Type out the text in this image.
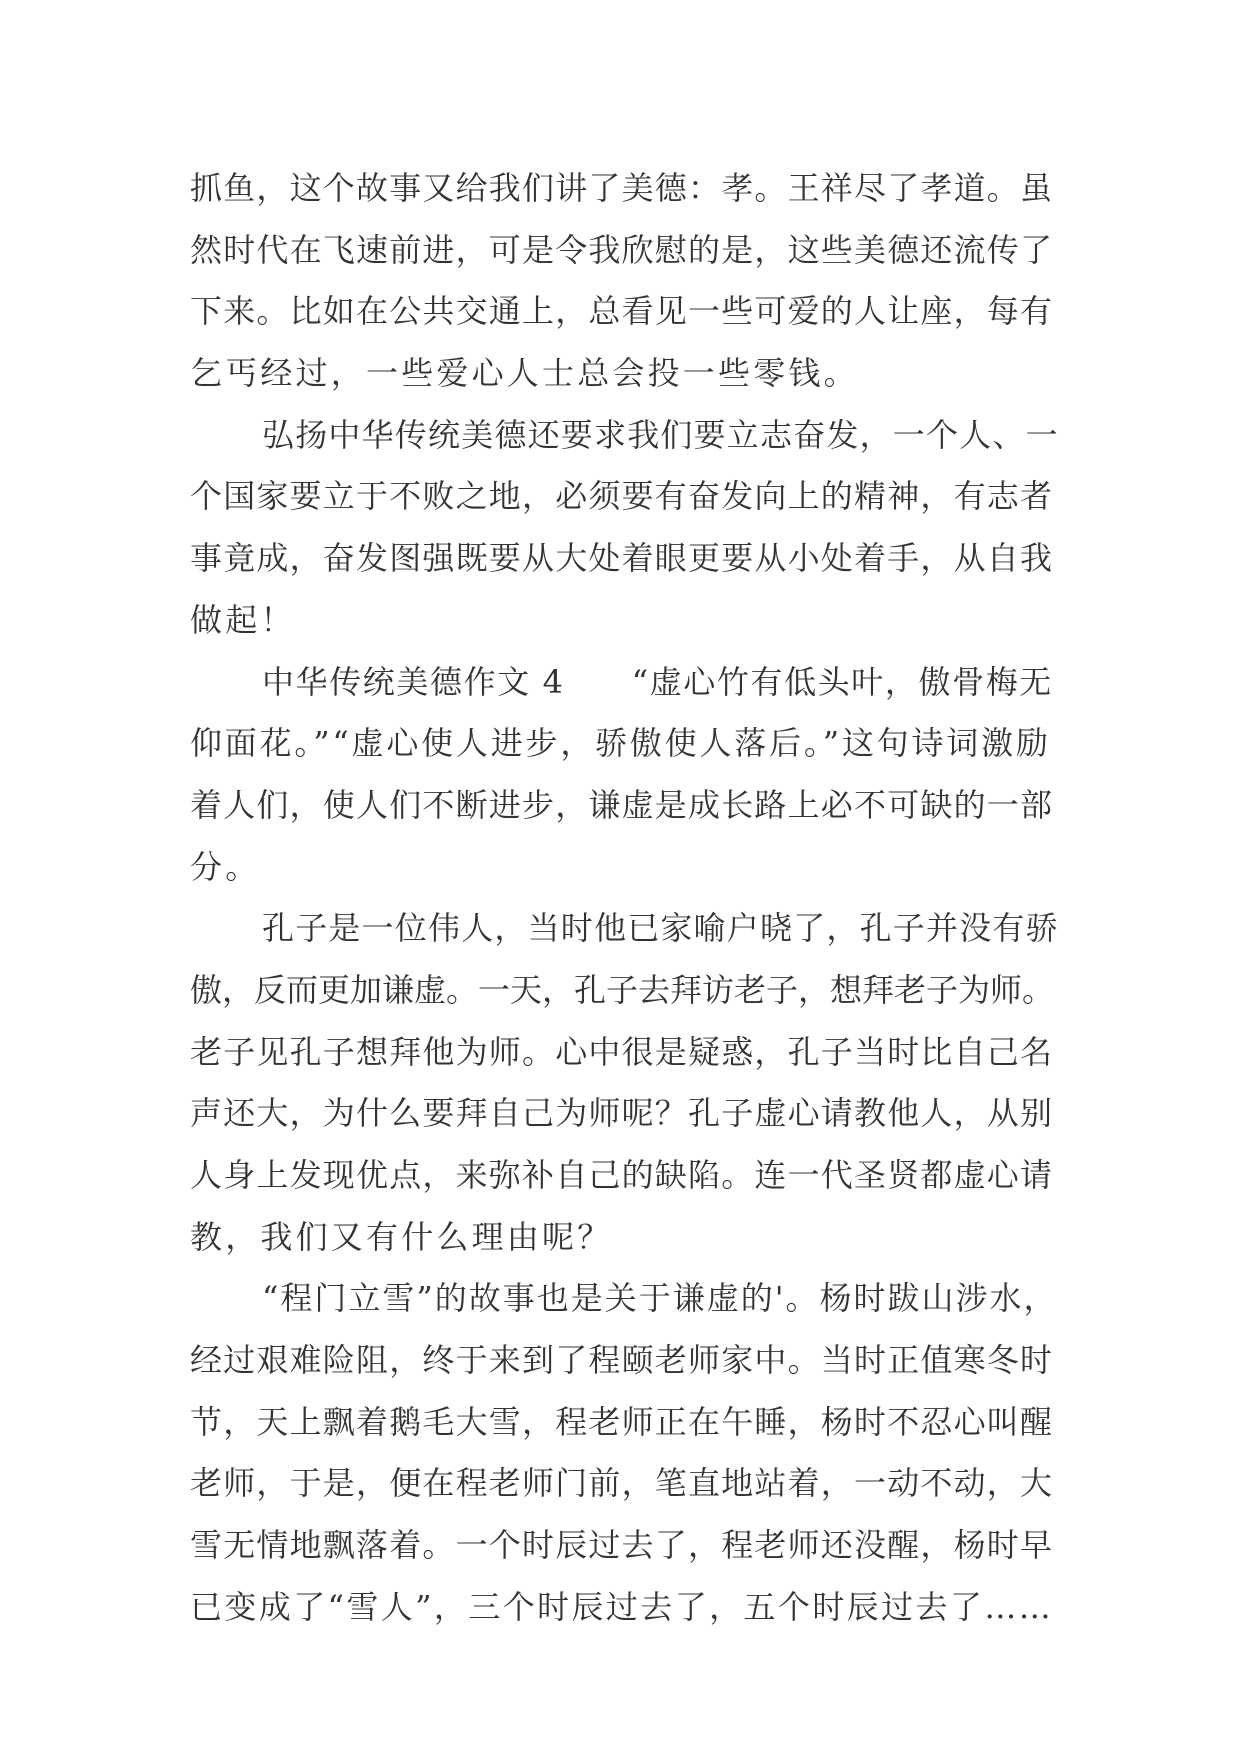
抓鱼，这个故事又给我们讲了美德：孝。王祥尽了孝道。虽
然时代在飞速前进，可是令我欣慰的是，这些美德还流传了
下来。比如在公共交通上，总看见一些可爱的人让座，每有
乞丐经过，一些爱心人士总会投一些零钱。
弘扬中华传统美德还要求我们要立志奋发，一个人、一
个国家要立于不败之地，必须要有奋发向上的精神，有志者
事竟成，奋发图强既要从大处着眼更要从小处着手，从自我
做起！
中华传统美德作文 4　　“虚心竹有低头叶，傲骨梅无
仰面花。”“虚心使人进步，骄傲使人落后。”这句诗词激励
着人们，使人们不断进步，谦虚是成长路上必不可缺的一部
分。
孔子是一位伟人，当时他已家喻户晓了，孔子并没有骄
傲，反而更加谦虚。一天，孔子去拜访老子，想拜老子为师。
老子见孔子想拜他为师。心中很是疑惑，孔子当时比自己名
声还大，为什么要拜自己为师呢？孔子虚心请教他人，从别
人身上发现优点，来弥补自己的缺陷。连一代圣贤都虚心请
教，我们又有什么理由呢？
“程门立雪”的故事也是关于谦虚的'。杨时跋山涉水，
经过艰难险阻，终于来到了程颐老师家中。当时正值寒冬时
节，天上飘着鹅毛大雪，程老师正在午睡，杨时不忍心叫醒
老师，于是，便在程老师门前，笔直地站着，一动不动，大
雪无情地飘落着。一个时辰过去了，程老师还没醒，杨时早
已变成了“雪人”，三个时辰过去了，五个时辰过去了……
